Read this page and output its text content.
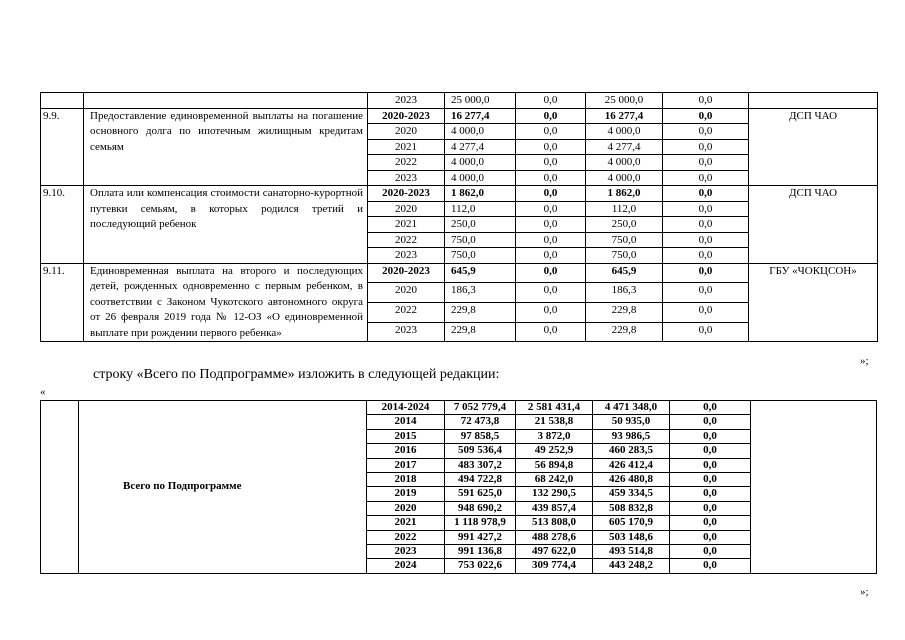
		2023	25 000,0	0,0	25 000,0	0,0	
9.9.	Предоставление единовременной выплаты на погашение основного долга по ипотечным жилищным кредитам семьям	2020-2023	16 277,4	0,0	16 277,4	0,0	ДСП ЧАО
		2020	4 000,0	0,0	4 000,0	0,0	
		2021	4 277,4	0,0	4 277,4	0,0	
		2022	4 000,0	0,0	4 000,0	0,0	
		2023	4 000,0	0,0	4 000,0	0,0	
9.10.	Оплата или компенсация стоимости санаторно-курортной путевки семьям, в которых родился третий и последующий ребенок	2020-2023	1 862,0	0,0	1 862,0	0,0	ДСП ЧАО
		2020	112,0	0,0	112,0	0,0	
		2021	250,0	0,0	250,0	0,0	
		2022	750,0	0,0	750,0	0,0	
		2023	750,0	0,0	750,0	0,0	
9.11.	Единовременная выплата на второго и последующих детей, рожденных одновременно с первым ребенком, в соответствии с Законом Чукотского автономного округа от 26 февраля 2019 года № 12-ОЗ «О единовременной выплате при рождении первого ребенка»	2020-2023	645,9	0,0	645,9	0,0	ГБУ «ЧОКЦСОН»
		2020	186,3	0,0	186,3	0,0	
		2022	229,8	0,0	229,8	0,0	
		2023	229,8	0,0	229,8	0,0	
»;
строку «Всего по Подпрограмме» изложить в следующей редакции:
«
	Всего по Подпрограмме	2014-2024	7 052 779,4	2 581 431,4	4 471 348,0	0,0	
		2014	72 473,8	21 538,8	50 935,0	0,0	
		2015	97 858,5	3 872,0	93 986,5	0,0	
		2016	509 536,4	49 252,9	460 283,5	0,0	
		2017	483 307,2	56 894,8	426 412,4	0,0	
		2018	494 722,8	68 242,0	426 480,8	0,0	
		2019	591 625,0	132 290,5	459 334,5	0,0	
		2020	948 690,2	439 857,4	508 832,8	0,0	
		2021	1 118 978,9	513 808,0	605 170,9	0,0	
		2022	991 427,2	488 278,6	503 148,6	0,0	
		2023	991 136,8	497 622,0	493 514,8	0,0	
		2024	753 022,6	309 774,4	443 248,2	0,0	
»;
